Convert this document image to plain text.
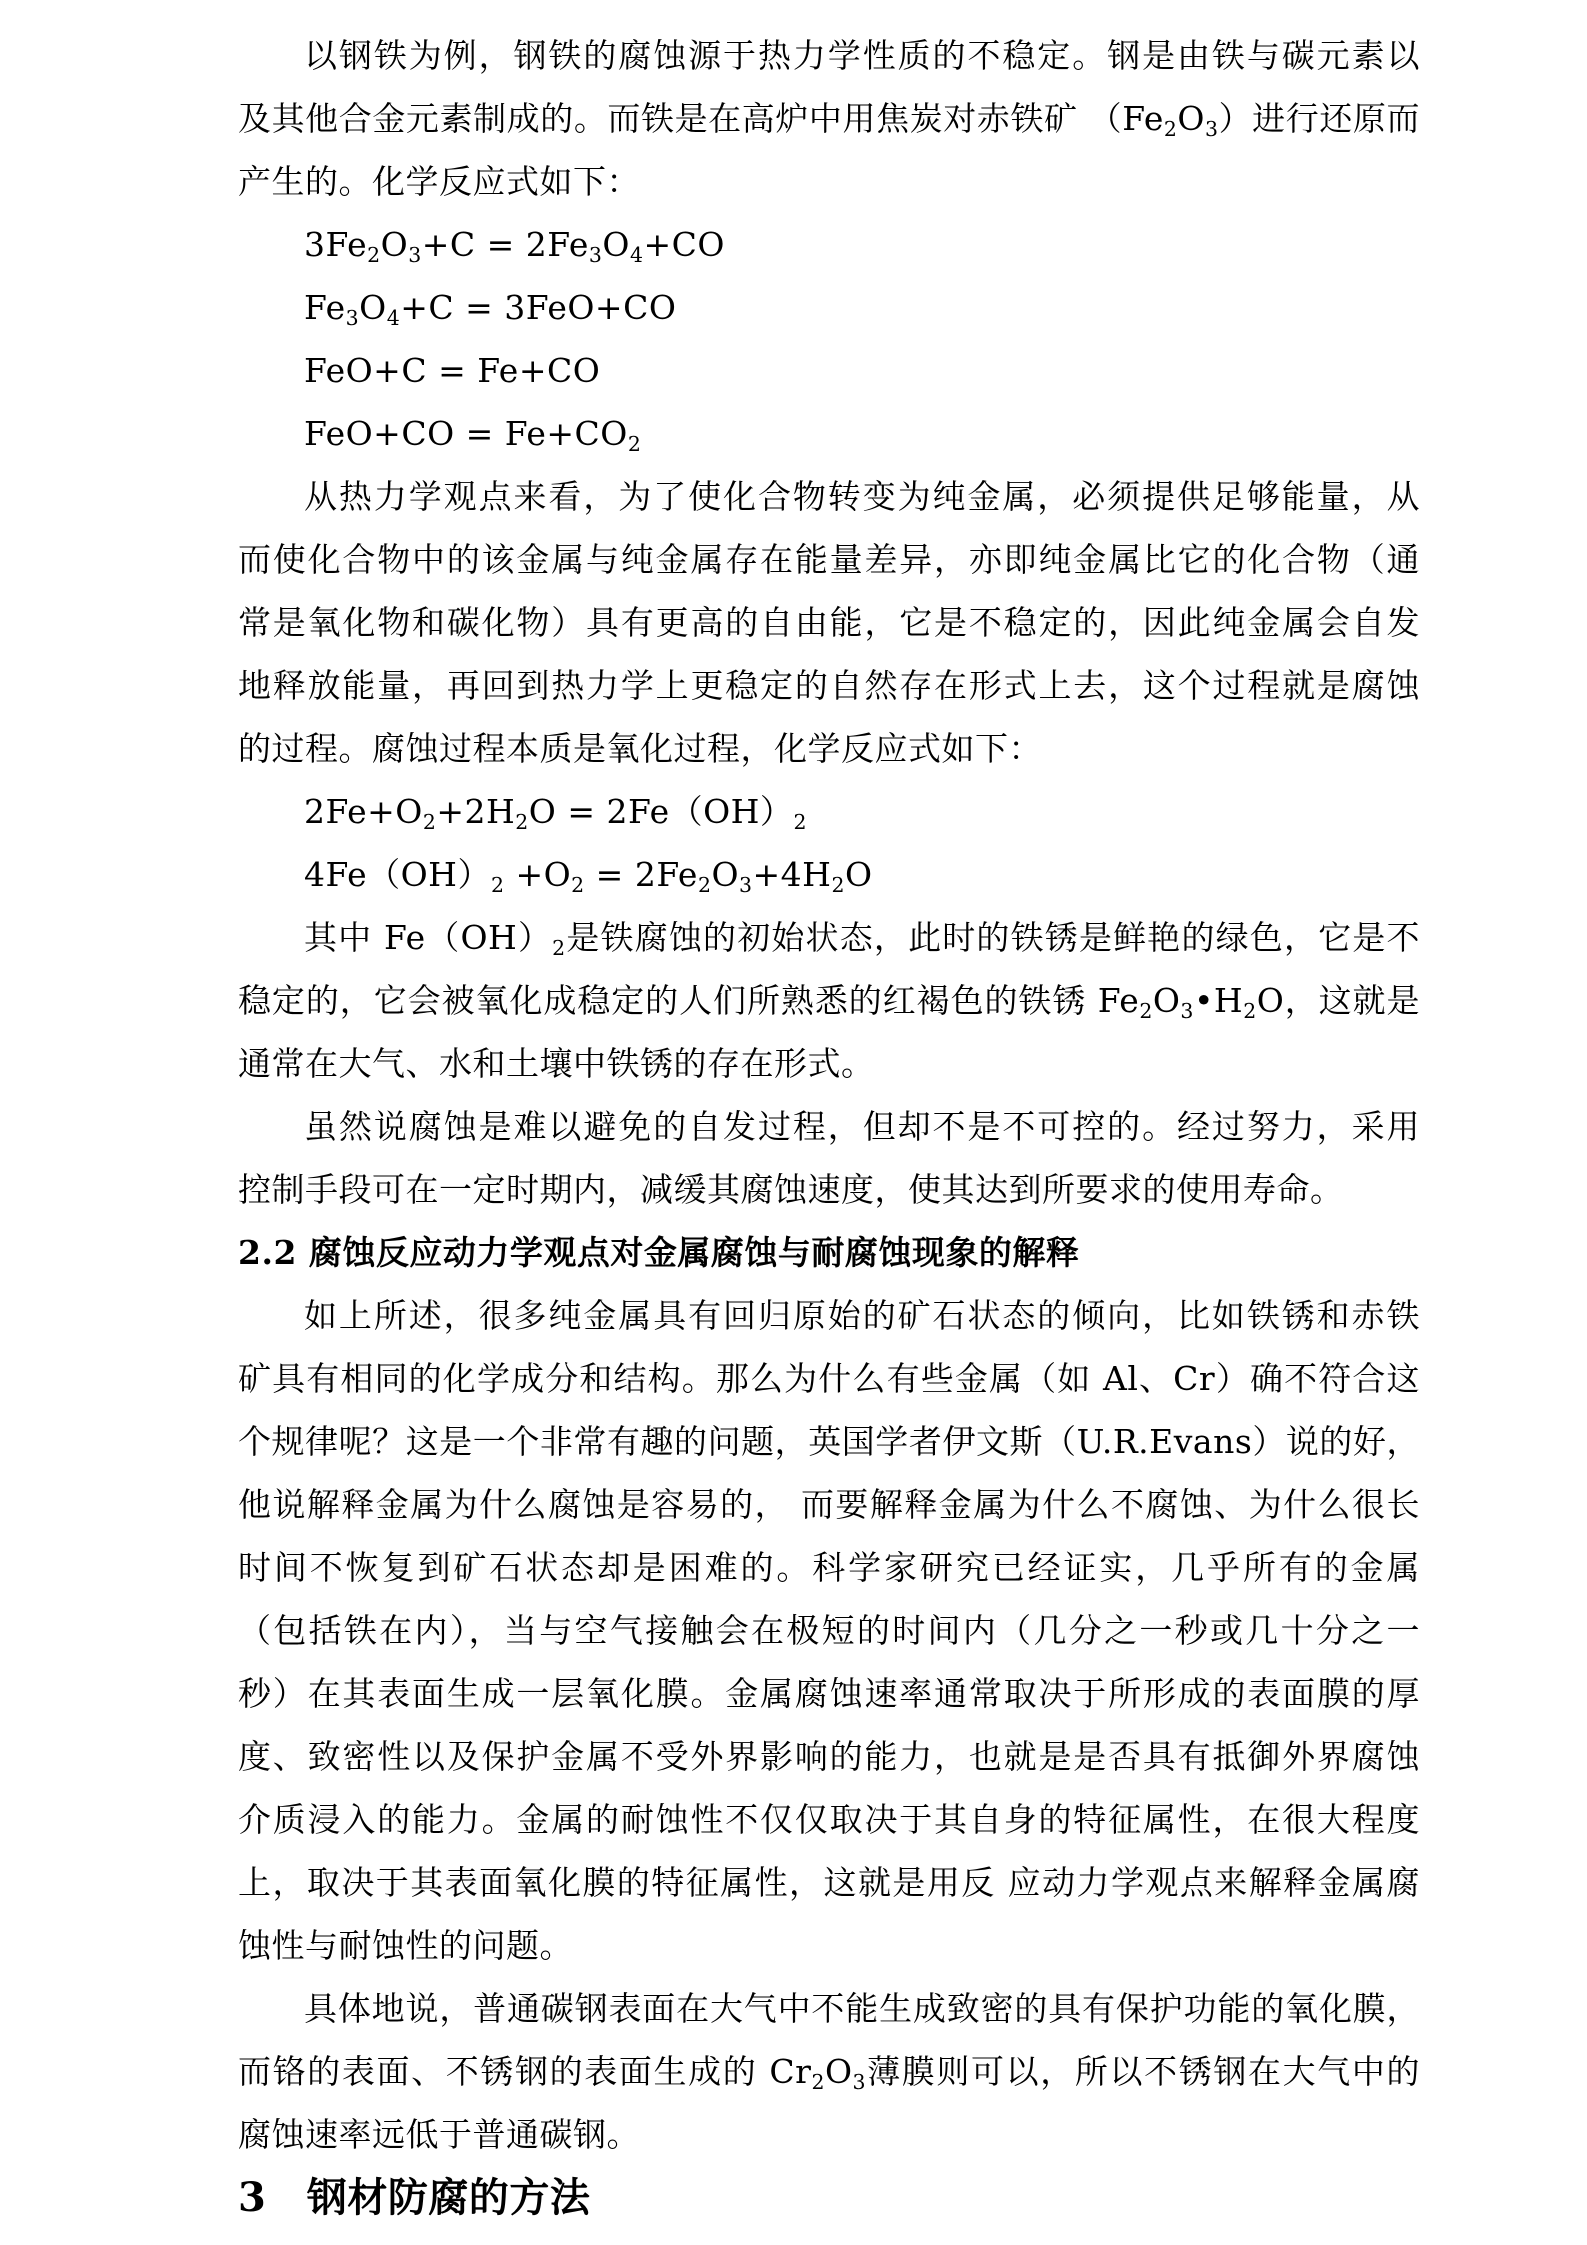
以钢铁为例，钢铁的腐蚀源于热力学性质的不稳定。钢是由铁与碳元素以
及其他合金元素制成的。而铁是在高炉中用焦炭对赤铁矿 $(Fe_2O_3)$进行还原而
产生的。化学反应式如下：
$3Fe_2O_3+C = 2Fe_3O_4+CO$
$Fe_3O_4+C = 3FeO+CO$
FeO+C = Fe+CO
$FeO+CO = Fe+CO_2$
从热力学观点来看，为了使化合物转变为纯金属，必须提供足够能量，从
而使化合物中的该金属与纯金属存在能量差异，亦即纯金属比它的化合物（通
常是氧化物和碳化物）具有更高的自由能，它是不稳定的，因此纯金属会自发
地释放能量，再回到热力学上更稳定的自然存在形式上去，这个过程就是腐蚀
的过程。腐蚀过程本质是氧化过程，化学反应式如下：
$2Fe+O_2+2H_2O = 2Fe(OH)_2$
$4Fe(OH)_2 +O_2 = 2Fe_2O_3+4H_2O$
其中 $Fe(OH)_2$是铁腐蚀的初始状态，此时的铁锈是鲜艳的绿色，它是不
稳定的，它会被氧化成稳定的人们所熟悉的红褐色的铁锈 $Fe_2O_3•H_2O$，这就是
通常在大气、水和土壤中铁锈的存在形式。
虽然说腐蚀是难以避免的自发过程，但却不是不可控的。经过努力，采用
控制手段可在一定时期内，减缓其腐蚀速度，使其达到所要求的使用寿命。
2.2 腐蚀反应动力学观点对金属腐蚀与耐腐蚀现象的解释
如上所述，很多纯金属具有回归原始的矿石状态的倾向，比如铁锈和赤铁
矿具有相同的化学成分和结构。那么为什么有些金属（如 Al、Cr）确不符合这
个规律呢？这是一个非常有趣的问题，英国学者伊文斯（U.R.Evans）说的好，
他说解释金属为什么腐蚀是容易的， 而要解释金属为什么不腐蚀、为什么很长
时间不恢复到矿石状态却是困难的。科学家研究已经证实，几乎所有的金属
（包括铁在内），当与空气接触会在极短的时间内（几分之一秒或几十分之一
秒）在其表面生成一层氧化膜。金属腐蚀速率通常取决于所形成的表面膜的厚
度、致密性以及保护金属不受外界影响的能力，也就是是否具有抵御外界腐蚀
介质浸入的能力。金属的耐蚀性不仅仅取决于其自身的特征属性，在很大程度
上，取决于其表面氧化膜的特征属性，这就是用反 应动力学观点来解释金属腐
蚀性与耐蚀性的问题。
具体地说，普通碳钢表面在大气中不能生成致密的具有保护功能的氧化膜，
而铬的表面、不锈钢的表面生成的 $Cr_2O_3$薄膜则可以，所以不锈钢在大气中的
腐蚀速率远低于普通碳钢。
3　钢材防腐的方法
